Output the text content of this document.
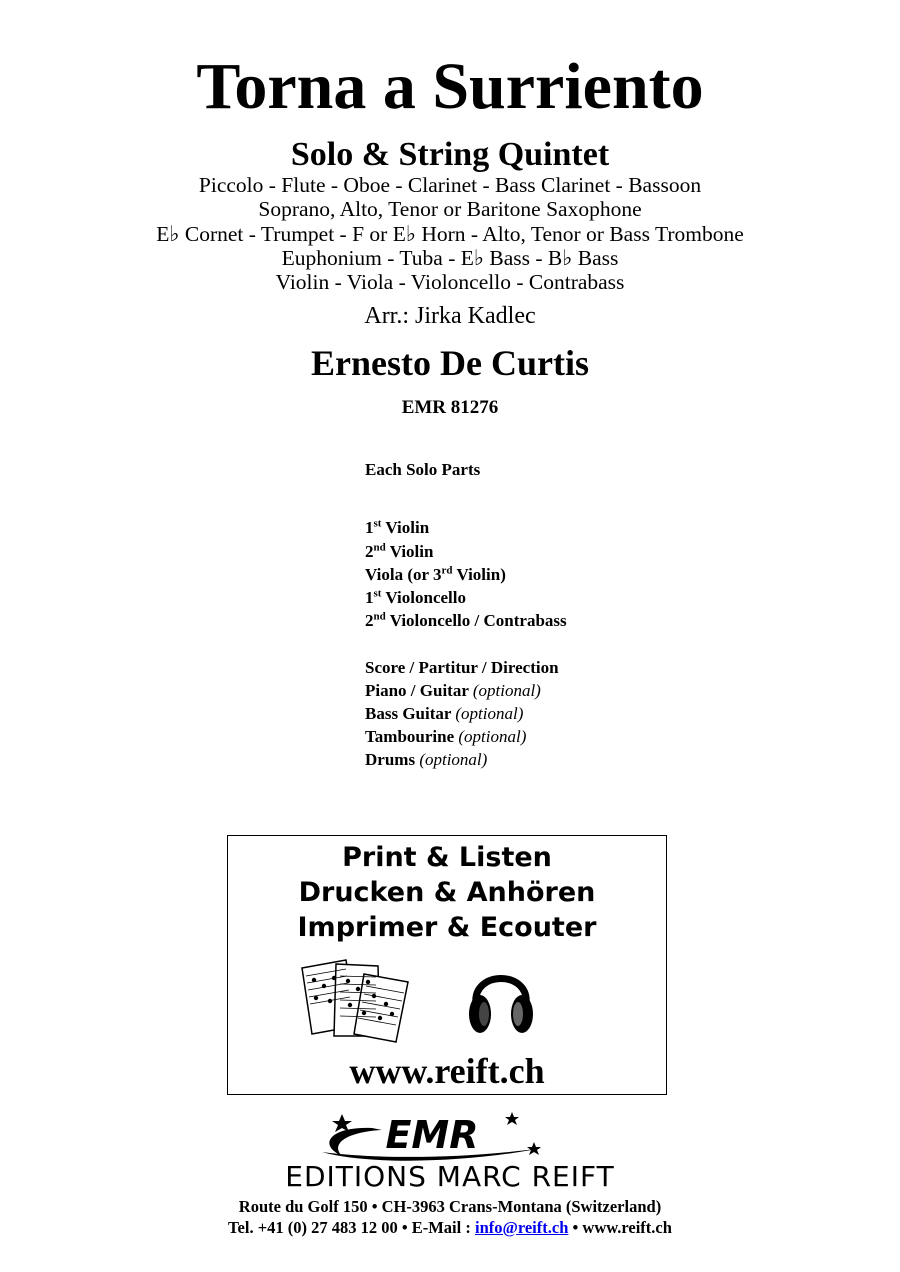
Torna a Surriento
Solo & String Quintet
Piccolo - Flute - Oboe - Clarinet - Bass Clarinet - Bassoon
Soprano, Alto, Tenor or Baritone Saxophone
E♭ Cornet - Trumpet - F or E♭ Horn - Alto, Tenor or Bass Trombone
Euphonium - Tuba - E♭ Bass - B♭ Bass
Violin - Viola - Violoncello - Contrabass
Arr.: Jirka Kadlec
Ernesto De Curtis
EMR 81276
Each Solo Parts
1st Violin
2nd Violin
Viola (or 3rd Violin)
1st Violoncello
2nd Violoncello / Contrabass
Score / Partitur / Direction
Piano / Guitar (optional)
Bass Guitar (optional)
Tambourine (optional)
Drums (optional)
Print & Listen
Drucken & Anhören
Imprimer & Ecouter
www.reift.ch
EMR
EDITIONS MARC REIFT
Route du Golf 150 • CH-3963 Crans-Montana (Switzerland)
Tel. +41 (0) 27 483 12 00 • E-Mail : info@reift.ch • www.reift.ch
